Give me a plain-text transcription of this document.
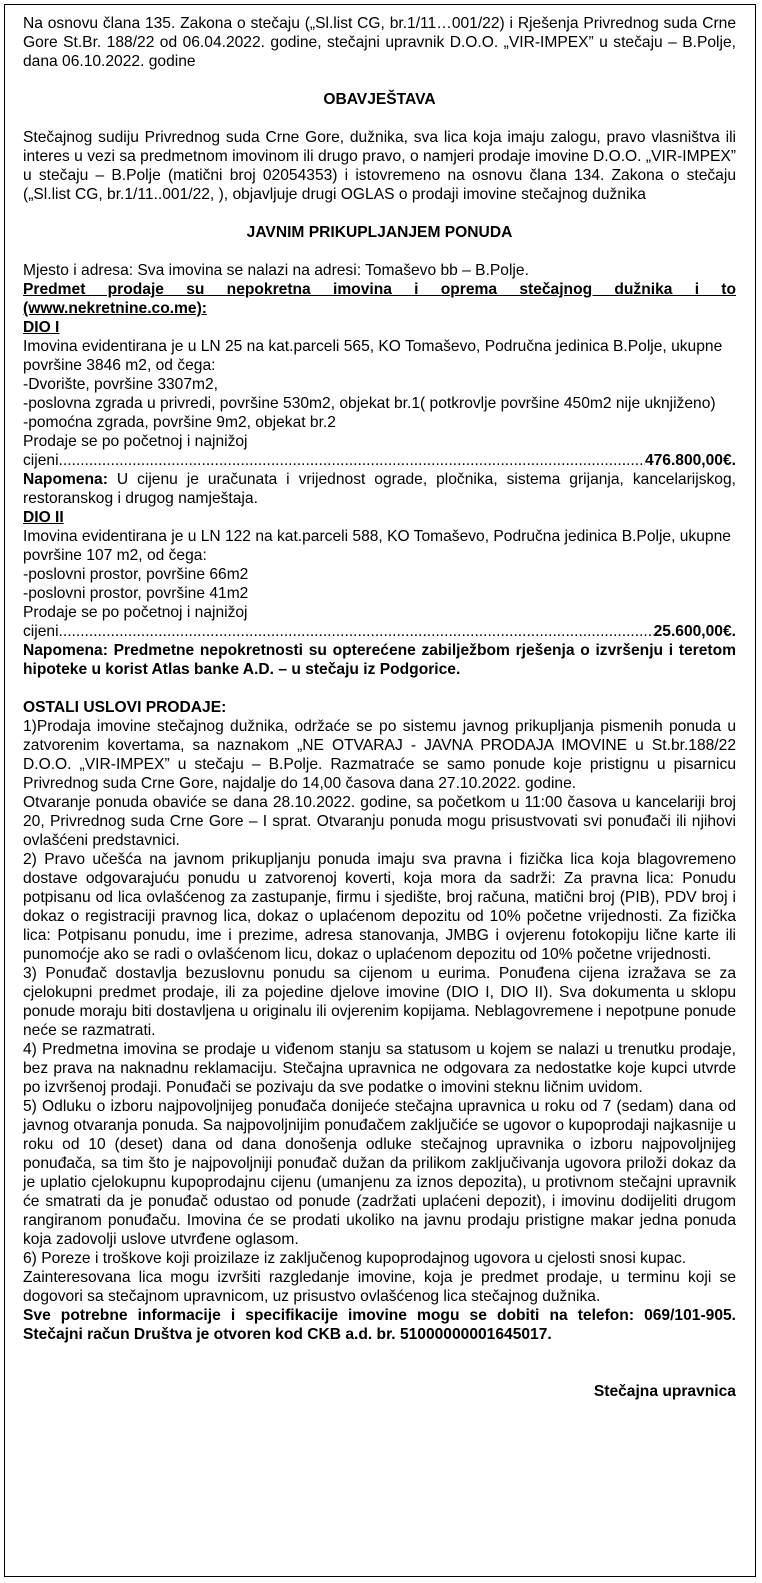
Na osnovu člana 135. Zakona o stečaju („Sl.list CG, br.1/11…001/22) i Rješenja Privrednog suda Crne Gore St.Br. 188/22 od 06.04.2022. godine, stečajni upravnik D.O.O. „VIR-IMPEX” u stečaju – B.Polje, dana 06.10.2022. godine

OBAVJEŠTAVA

Stečajnog sudiju Privrednog suda Crne Gore, dužnika, sva lica koja imaju zalogu, pravo vlasništva ili interes u vezi sa predmetnom imovinom ili drugo pravo, o namjeri prodaje imovine D.O.O. „VIR-IMPEX” u stečaju – B.Polje (matični broj 02054353) i istovremeno na osnovu člana 134. Zakona o stečaju („Sl.list CG, br.1/11..001/22, ), objavljuje drugi OGLAS o prodaji imovine stečajnog dužnika

JAVNIM PRIKUPLJANJEM PONUDA

Mjesto i adresa: Sva imovina se nalazi na adresi: Tomaševo bb – B.Polje.

Predmet prodaje su nepokretna imovina i oprema stečajnog dužnika i to (www.nekretnine.co.me):

DIO I

Imovina evidentirana je u LN 25 na kat.parceli 565, KO Tomaševo, Područna jedinica B.Polje, ukupne površine 3846 m2, od čega:

-Dvorište, površine 3307m2,

-poslovna zgrada u privredi, površine 530m2, objekat br.1( potkrovlje površine 450m2 nije uknjiženo)

-pomoćna zgrada, površine 9m2, objekat br.2

Prodaje se po početnoj i najnižoj

cijeni .....	476.800,00€.

Napomena: U cijenu je uračunata i vrijednost ograde, pločnika, sistema grijanja, kancelarijskog, restoranskog i drugog namještaja.

DIO II

Imovina evidentirana je u LN 122 na kat.parceli 588, KO Tomaševo, Područna jedinica B.Polje, ukupne površine 107 m2, od čega:

-poslovni prostor, površine 66m2

-poslovni prostor, površine 41m2

Prodaje se po početnoj i najnižoj

cijeni .....	25.600,00€.

Napomena: Predmetne nepokretnosti su opterećene zabilježbom rješenja o izvršenju i teretom hipoteke u korist Atlas banke A.D. – u stečaju iz Podgorice.

OSTALI USLOVI PRODAJE:

1)Prodaja imovine stečajnog dužnika, održaće se po sistemu javnog prikupljanja pismenih ponuda u zatvorenim kovertama, sa naznakom „NE OTVARAJ - JAVNA PRODAJA IMOVINE u St.br.188/22 D.O.O. „VIR-IMPEX” u stečaju – B.Polje. Razmatraće se samo ponude koje pristignu u pisarnicu Privrednog suda Crne Gore, najdalje do 14,00 časova dana 27.10.2022. godine.

Otvaranje ponuda obaviće se dana 28.10.2022. godine, sa početkom u 11:00 časova u kancelariji broj 20, Privrednog suda Crne Gore – I sprat. Otvaranju ponuda mogu prisustvovati svi ponuđači ili njihovi ovlašćeni predstavnici.

2) Pravo učešća na javnom prikupljanju ponuda imaju sva pravna i fizička lica koja blagovremeno dostave odgovarajuću ponudu u zatvorenoj koverti, koja mora da sadrži: Za pravna lica: Ponudu potpisanu od lica ovlašćenog za zastupanje, firmu i sjedište, broj računa, matični broj (PIB), PDV broj i dokaz o registraciji pravnog lica, dokaz o uplaćenom depozitu od 10% početne vrijednosti. Za fizička lica: Potpisanu ponudu, ime i prezime, adresa stanovanja, JMBG i ovjerenu fotokopiju lične karte ili punomoćje ako se radi o ovlašćenom licu, dokaz o uplaćenom depozitu od 10% početne vrijednosti.

3) Ponuđač dostavlja bezuslovnu ponudu sa cijenom u eurima. Ponuđena cijena izražava se za cjelokupni predmet prodaje, ili za pojedine djelove imovine (DIO I, DIO II). Sva dokumenta u sklopu ponude moraju biti dostavljena u originalu ili ovjerenim kopijama. Neblagovremene i nepotpune ponude neće se razmatrati.

4) Predmetna imovina se prodaje u viđenom stanju sa statusom u kojem se nalazi u trenutku prodaje, bez prava na naknadnu reklamaciju. Stečajna upravnica ne odgovara za nedostatke koje kupci utvrde po izvršenoj prodaji. Ponuđači se pozivaju da sve podatke o imovini steknu ličnim uvidom.

5) Odluku o izboru najpovoljnijeg ponuđača donijeće stečajna upravnica u roku od 7 (sedam) dana od javnog otvaranja ponuda. Sa najpovoljnijim ponuđačem zaključiće se ugovor o kupoprodaji najkasnije u roku od 10 (deset) dana od dana donošenja odluke stečajnog upravnika o izboru najpovoljnijeg ponuđača, sa tim što je najpovoljniji ponuđač dužan da prilikom zaključivanja ugovora priloži dokaz da je uplatio cjelokupnu kupoprodajnu cijenu (umanjenu za iznos depozita), u protivnom stečajni upravnik će smatrati da je ponuđač odustao od ponude (zadržati uplaćeni depozit), i imovinu dodijeliti drugom rangiranom ponuđaču. Imovina će se prodati ukoliko na javnu prodaju pristigne makar jedna ponuda koja zadovolji uslove utvrđene oglasom.

6) Poreze i troškove koji proizilaze iz zaključenog kupoprodajnog ugovora u cjelosti snosi kupac.

Zainteresovana lica mogu izvršiti razgledanje imovine, koja je predmet prodaje, u terminu koji se dogovori sa stečajnom upravnicom, uz prisustvo ovlašćenog lica stečajnog dužnika.

Sve potrebne informacije i specifikacije imovine mogu se dobiti na telefon: 069/101-905. Stečajni račun Društva je otvoren kod CKB a.d. br. 51000000001645017.

Stečajna upravnica
